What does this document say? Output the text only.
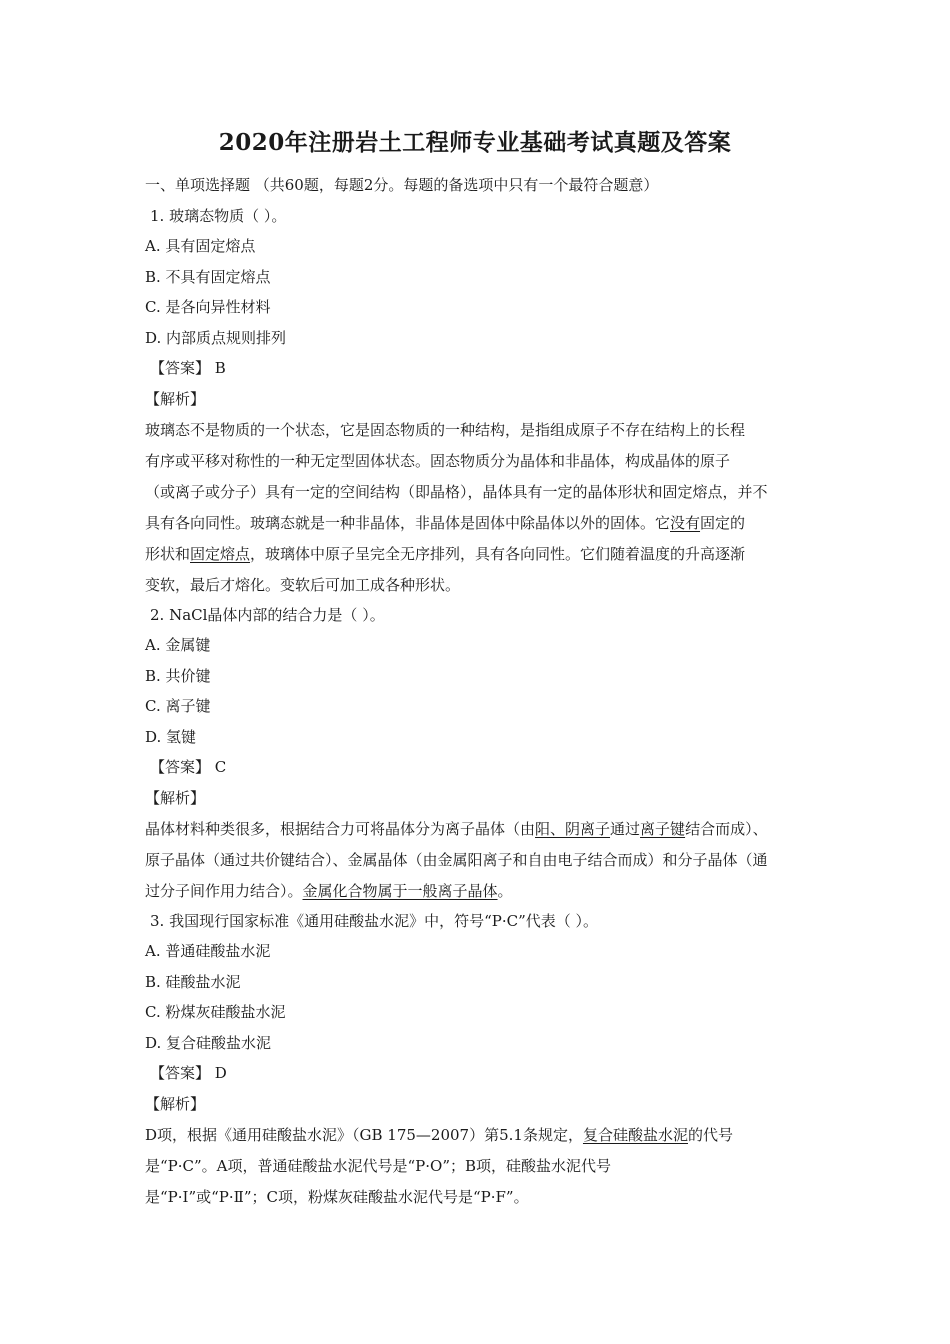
2020年注册岩土工程师专业基础考试真题及答案
一、单项选择题 （共60题，每题2分。每题的备选项中只有一个最符合题意）
1. 玻璃态物质（ ）。
A. 具有固定熔点
B. 不具有固定熔点
C. 是各向异性材料
D. 内部质点规则排列
【答案】 B
【解析】
玻璃态不是物质的一个状态，它是固态物质的一种结构，是指组成原子不存在结构上的长程
有序或平移对称性的一种无定型固体状态。固态物质分为晶体和非晶体，构成晶体的原子
（或离子或分子）具有一定的空间结构（即晶格），晶体具有一定的晶体形状和固定熔点，并不
具有各向同性。玻璃态就是一种非晶体，非晶体是固体中除晶体以外的固体。它没有固定的
形状和固定熔点，玻璃体中原子呈完全无序排列，具有各向同性。它们随着温度的升高逐渐
变软，最后才熔化。变软后可加工成各种形状。
2. NaCl晶体内部的结合力是（ ）。
A. 金属键
B. 共价键
C. 离子键
D. 氢键
【答案】 C
【解析】
晶体材料种类很多，根据结合力可将晶体分为离子晶体（由阳、阴离子通过离子键结合而成）、
原子晶体（通过共价键结合）、金属晶体（由金属阳离子和自由电子结合而成）和分子晶体（通
过分子间作用力结合）。金属化合物属于一般离子晶体。
3. 我国现行国家标准《通用硅酸盐水泥》中，符号“P·C”代表（ ）。
A. 普通硅酸盐水泥
B. 硅酸盐水泥
C. 粉煤灰硅酸盐水泥
D. 复合硅酸盐水泥
【答案】 D
【解析】
D项，根据《通用硅酸盐水泥》（GB 175—2007）第5.1条规定，复合硅酸盐水泥的代号
是“P·C”。A项，普通硅酸盐水泥代号是“P·O”；B项，硅酸盐水泥代号
是“P·Ⅰ”或“P·Ⅱ”；C项，粉煤灰硅酸盐水泥代号是“P·F”。
